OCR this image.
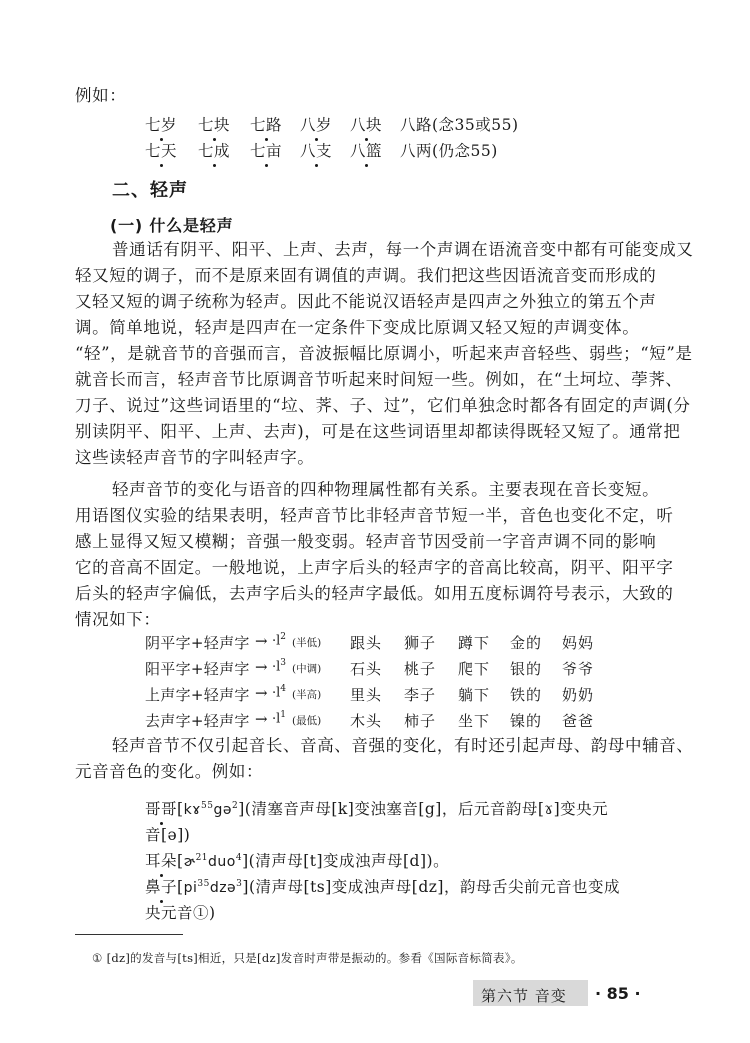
例如：
七岁 七块 七路 八岁 八块 八路(念35或55)
七天 七成 七亩 八支 八篮 八两(仍念55)
二、轻声
(一) 什么是轻声
普通话有阴平、阳平、上声、去声，每一个声调在语流音变中都有可能变成又
轻又短的调子，而不是原来固有调值的声调。我们把这些因语流音变而形成的
又轻又短的调子统称为轻声。因此不能说汉语轻声是四声之外独立的第五个声
调。简单地说，轻声是四声在一定条件下变成比原调又轻又短的声调变体。
“轻”，是就音节的音强而言，音波振幅比原调小，听起来声音轻些、弱些；“短”是
就音长而言，轻声音节比原调音节听起来时间短一些。例如，在“土坷垃、荸荠、
刀子、说过”这些词语里的“垃、荠、子、过”，它们单独念时都各有固定的声调(分
别读阴平、阳平、上声、去声)，可是在这些词语里却都读得既轻又短了。通常把
这些读轻声音节的字叫轻声字。
轻声音节的变化与语音的四种物理属性都有关系。主要表现在音长变短。
用语图仪实验的结果表明，轻声音节比非轻声音节短一半，音色也变化不定，听
感上显得又短又模糊；音强一般变弱。轻声音节因受前一字音声调不同的影响
它的音高不固定。一般地说，上声字后头的轻声字的音高比较高，阴平、阳平字
后头的轻声字偏低，去声字后头的轻声字最低。如用五度标调符号表示，大致的
情况如下：
阴平字+轻声字 → $\cdot l^2$ (半低) 跟头 狮子 蹲下 金的 妈妈
阳平字+轻声字 → $\cdot l^3$ (中调) 石头 桃子 爬下 银的 爷爷
上声字+轻声字 → $\cdot l^4$ (半高) 里头 李子 躺下 铁的 奶奶
去声字+轻声字 → $\cdot l^1$ (最低) 木头 柿子 坐下 镍的 爸爸
轻声音节不仅引起音长、音高、音强的变化，有时还引起声母、韵母中辅音、
元音音色的变化。例如：
哥哥[kɤ$^{55}$gə$^2$](清塞音声母[k]变浊塞音[g]，后元音韵母[ɤ]变央元
音[ə])
耳朵[ɚ$^{21}$duo$^4$](清声母[t]变成浊声母[d])。
鼻子$[pi^{35}dzə^3]$(清声母[ts]变成浊声母[dz]，韵母舌尖前元音也变成
央元音①)
① [dz]的发音与[ts]相近，只是[dz]发音时声带是振动的。参看《国际音标简表》。
第六节 音变 · 85 ·
